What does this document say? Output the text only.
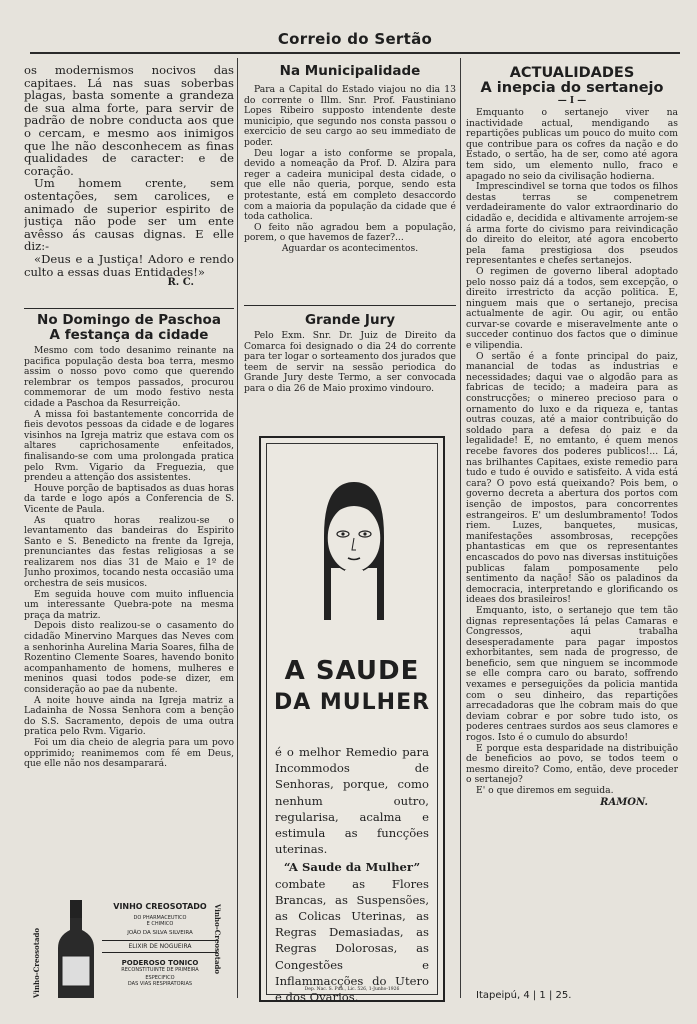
Correio do Sertão

os modernismos nocivos das capitaes. Lá nas suas soberbas plagas, basta somente a grandeza de sua alma forte, para servir de padrão de nobre conducta aos que o cercam, e mesmo aos inimigos que lhe não desconhecem as finas qualidades de caracter: e de coração.

Um homem crente, sem ostentações, sem carolices, e animado de superior espirito de justiça não pode ser um ente avêsso ás causas dignas. E elle diz:-

«Deus e a Justiça! Adoro e rendo culto a essas duas Entidades!»

R. C.
No Domingo de Paschoa
A festança da cidade

Mesmo com todo desanimo reinante na pacifica população desta boa terra, mesmo assim o nosso povo como que querendo relembrar os tempos passados, procurou commemorar de um modo festivo nesta cidade a Paschoa da Resurreição.

A missa foi bastantemente concorrida de fieis devotos pessoas da cidade e de logares visinhos na Igreja matriz que estava com os altares caprichosamente enfeitados, finalisando-se com uma prolongada pratica pelo Rvm. Vigario da Freguezia, que prendeu a attenção dos assistentes.

Houve porção de baptisados as duas horas da tarde e logo após a Conferencia de S. Vicente de Paula.

As quatro horas realizou-se o levantamento das bandeiras do Espirito Santo e S. Benedicto na frente da Igreja, prenunciantes das festas religiosas a se realizarem nos dias 31 de Maio e 1º de Junho proximos, tocando nesta occasião uma orchestra de seis musicos.

Em seguida houve com muito influencia um interessante Quebra-pote na mesma praça da matriz.

Depois disto realizou-se o casamento do cidadão Minervino Marques das Neves com a senhorinha Aurelina Maria Soares, filha de Rozentino Clemente Soares, havendo bonito acompanhamento de homens, mulheres e meninos quasi todos pode-se dizer, em consideração ao pae da nubente.

A noite houve ainda na Igreja matriz a Ladainha de Nossa Senhora com a benção do S.S. Sacramento, depois de uma outra pratica pelo Rvm. Vigario.

Foi um dia cheio de alegria para um povo opprimido; reanimemos com fé em Deus, que elle não nos desamparará.

Vinho-Creosotado	Vinho-Creosotado
VINHO CREOSOTADO
DO PHARMACEUTICO
E CHIMICO
JOÃO DA SILVA SILVEIRA
ELIXIR DE NOGUEIRA
PODEROSO TONICO
RECONSTITUINTE DE PRIMEIRA
ESPECIFICO
DAS VIAS RESPIRATORIAS
Na Municipalidade

Para a Capital do Estado viajou no dia 13 do corrente o Illm. Snr. Prof. Faustiniano Lopes Ribeiro supposto intendente deste municipio, que segundo nos consta passou o exercicio de seu cargo ao seu immediato de poder.

Deu logar a isto conforme se propala, devido a nomeação da Prof. D. Alzira para reger a cadeira municipal desta cidade, o que elle não queria, porque, sendo esta protestante, está em completo desaccordo com a maioria da população da cidade que é toda catholica.

O feito não agradou bem a população, porem, o que havemos de fazer?...

Aguardar os acontecimentos.
Grande Jury

Pelo Exm. Snr. Dr. Juiz de Direito da Comarca foi designado o dia 24 do corrente para ter logar o sorteamento dos jurados que teem de servir na sessão periodica do Grande Jury deste Termo, a ser convocada para o dia 26 de Maio proximo vindouro.

A SAUDE
DA MULHER

é o melhor Remedio para Incommodos de Senhoras, porque, como nenhum outro, regularisa, acalma e estimula as funcções uterinas.

“A Saude da Mulher”

combate as Flores Brancas, as Suspensões, as Colicas Uterinas, as Regras Demasiadas, as Regras Dolorosas, as Congestões e Inflammacções do Utero e dos Ovarios.

Dep. Nac. S. Pub., Lic. 526, 1-Junho-1926
ACTUALIDADES
A inepcia do sertanejo
— I —

Emquanto o sertanejo viver na inactividade actual, mendigando as repartições publicas um pouco do muito com que contribue para os cofres da nação e do Estado, o sertão, ha de ser, como até agora tem sido, um elemento nullo, fraco e apagado no seio da civilisação hodierna.

Imprescindivel se torna que todos os filhos destas terras se compenetrem verdadeiramente do valor extraordinario do cidadão e, decidida e altivamente arrojem-se á arma forte do civismo para reivindicação do direito do eleitor, até agora encoberto pela fama prestigiosa dos pseudos representantes e chefes sertanejos.

O regimen de governo liberal adoptado pelo nosso paiz dá a todos, sem excepção, o direito irrestricto da acção politica. E, ninguem mais que o sertanejo, precisa actualmente de agir. Ou agir, ou então curvar-se covarde e miseravelmente ante o succeder continuo dos factos que o diminue e vilipendia.

O sertão é a fonte principal do paiz, manancial de todas as industrias e necessidades; daqui vae o algodão para as fabricas de tecido; a madeira para as construcções; o minereo precioso para o ornamento do luxo e da riqueza e, tantas outras couzas, até a maior contribuição do soldado para a defesa do paiz e da legalidade! E, no emtanto, é quem menos recebe favores dos poderes publicos!... Lá, nas brilhantes Capitaes, existe remedio para tudo e tudo é ouvido e satisfeito. A vida está cara? O povo está queixando? Pois bem, o governo decreta a abertura dos portos com isenção de impostos, para concorrentes estrangeiros. E' um deslumbramento! Todos riem. Luzes, banquetes, musicas, manifestações assombrosas, recepções phantasticas em que os representantes encascados do povo nas diversas instituições publicas falam pomposamente pelo sentimento da nação! São os paladinos da democracia, interpretando e glorificando os ideaes dos brasileiros!

Emquanto, isto, o sertanejo que tem tão dignas representações lá pelas Camaras e Congressos, aqui trabalha desesperadamente para pagar impostos exhorbitantes, sem nada de progresso, de beneficio, sem que ninguem se incommode se elle compra caro ou barato, soffrendo vexames e perseguições da policia mantida com o seu dinheiro, das repartições arrecadadoras que lhe cobram mais do que deviam cobrar e por sobre tudo isto, os poderes centraes surdos aos seus clamores e rogos. Isto é o cumulo do absurdo!

E porque esta desparidade na distribuição de beneficios ao povo, se todos teem o mesmo direito? Como, então, deve proceder o sertanejo?

E' o que diremos em seguida.

RAMON.
Itapeipú, 4 | 1 | 25.
